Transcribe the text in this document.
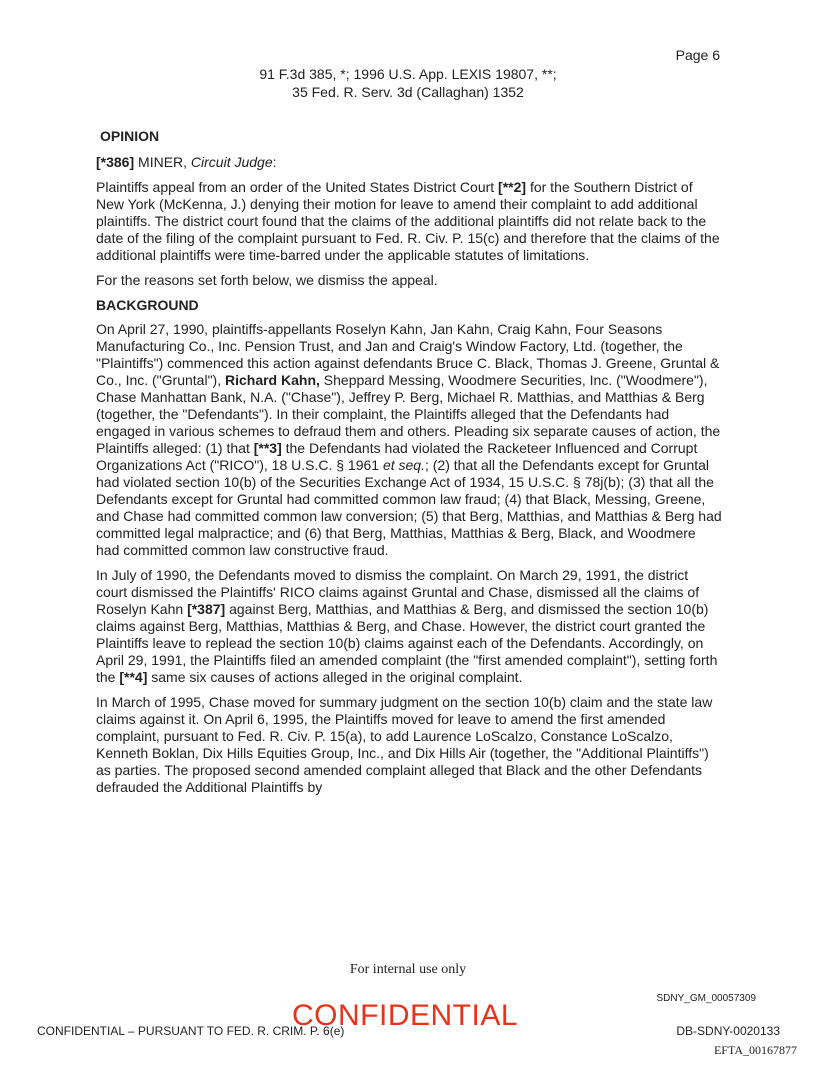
Page 6
91 F.3d 385, *; 1996 U.S. App. LEXIS 19807, **;
35 Fed. R. Serv. 3d (Callaghan) 1352
OPINION

[*386] MINER, Circuit Judge:

Plaintiffs appeal from an order of the United States District Court [**2] for the Southern District of New York (McKenna, J.) denying their motion for leave to amend their complaint to add additional plaintiffs. The district court found that the claims of the additional plaintiffs did not relate back to the date of the filing of the complaint pursuant to Fed. R. Civ. P. 15(c) and therefore that the claims of the additional plaintiffs were time-barred under the applicable statutes of limitations.

For the reasons set forth below, we dismiss the appeal.

BACKGROUND

On April 27, 1990, plaintiffs-appellants Roselyn Kahn, Jan Kahn, Craig Kahn, Four Seasons Manufacturing Co., Inc. Pension Trust, and Jan and Craig's Window Factory, Ltd. (together, the "Plaintiffs") commenced this action against defendants Bruce C. Black, Thomas J. Greene, Gruntal & Co., Inc. ("Gruntal"), Richard Kahn, Sheppard Messing, Woodmere Securities, Inc. ("Woodmere"), Chase Manhattan Bank, N.A. ("Chase"), Jeffrey P. Berg, Michael R. Matthias, and Matthias & Berg (together, the "Defendants"). In their complaint, the Plaintiffs alleged that the Defendants had engaged in various schemes to defraud them and others. Pleading six separate causes of action, the Plaintiffs alleged: (1) that [**3] the Defendants had violated the Racketeer Influenced and Corrupt Organizations Act ("RICO"), 18 U.S.C. § 1961 et seq.; (2) that all the Defendants except for Gruntal had violated section 10(b) of the Securities Exchange Act of 1934, 15 U.S.C. § 78j(b); (3) that all the Defendants except for Gruntal had committed common law fraud; (4) that Black, Messing, Greene, and Chase had committed common law conversion; (5) that Berg, Matthias, and Matthias & Berg had committed legal malpractice; and (6) that Berg, Matthias, Matthias & Berg, Black, and Woodmere had committed common law constructive fraud.

In July of 1990, the Defendants moved to dismiss the complaint. On March 29, 1991, the district court dismissed the Plaintiffs' RICO claims against Gruntal and Chase, dismissed all the claims of Roselyn Kahn [*387] against Berg, Matthias, and Matthias & Berg, and dismissed the section 10(b) claims against Berg, Matthias, Matthias & Berg, and Chase. However, the district court granted the Plaintiffs leave to replead the section 10(b) claims against each of the Defendants. Accordingly, on April 29, 1991, the Plaintiffs filed an amended complaint (the "first amended complaint"), setting forth the [**4] same six causes of actions alleged in the original complaint.

In March of 1995, Chase moved for summary judgment on the section 10(b) claim and the state law claims against it. On April 6, 1995, the Plaintiffs moved for leave to amend the first amended complaint, pursuant to Fed. R. Civ. P. 15(a), to add Laurence LoScalzo, Constance LoScalzo, Kenneth Boklan, Dix Hills Equities Group, Inc., and Dix Hills Air (together, the "Additional Plaintiffs") as parties. The proposed second amended complaint alleged that Black and the other Defendants defrauded the Additional Plaintiffs by

For internal use only
SDNY_GM_00057309
CONFIDENTIAL – PURSUANT TO FED. R. CRIM. P. 6(e)
CONFIDENTIAL	DB-SDNY-0020133
EFTA_00167877
